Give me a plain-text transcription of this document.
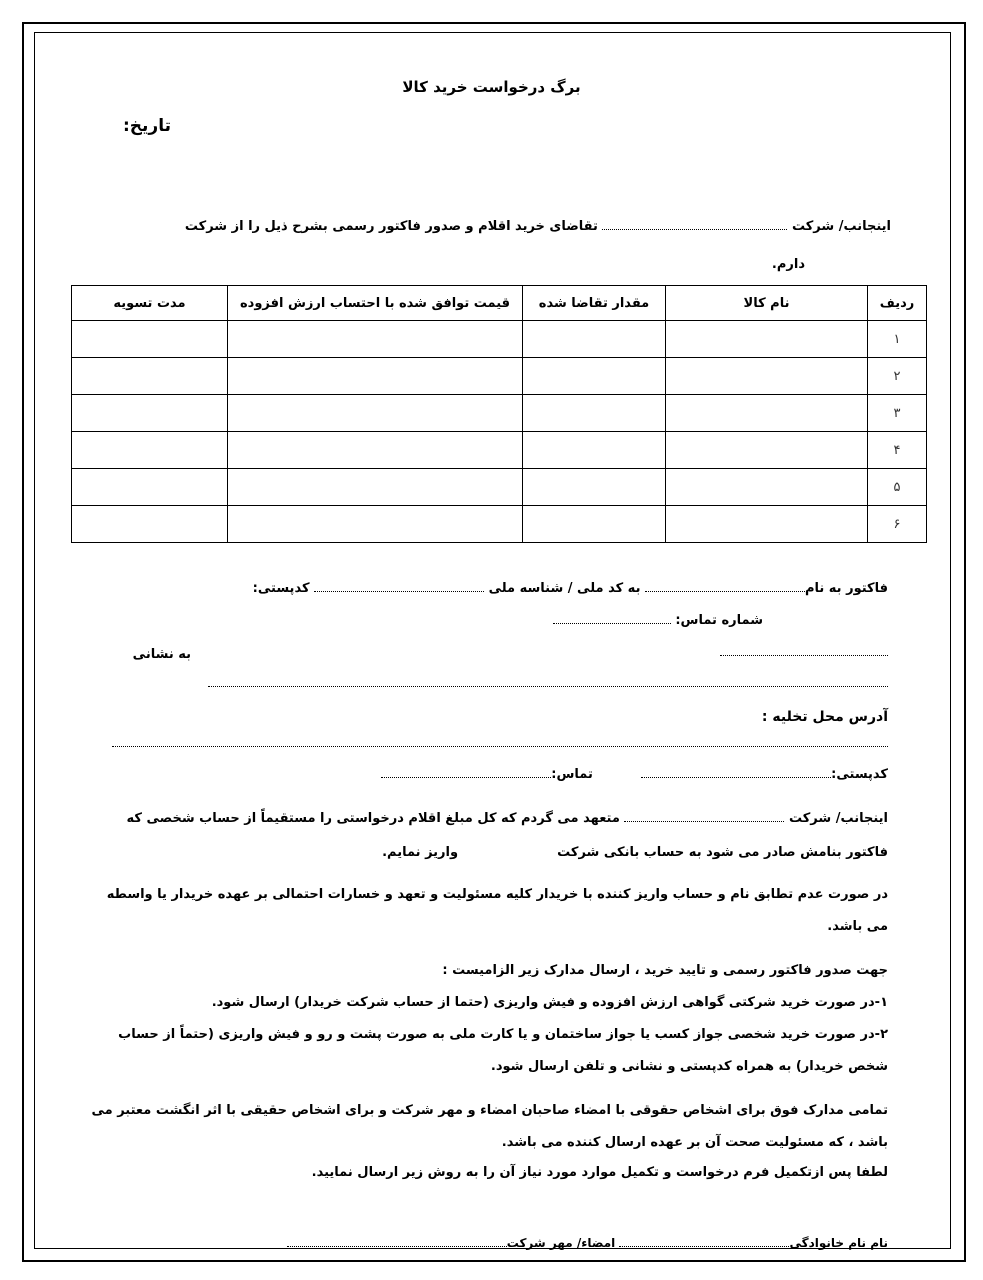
برگ درخواست خرید کالا
تاریخ:
اینجانب/ شرکت  تقاضای خرید اقلام و صدور فاکتور رسمی بشرح ذیل را از شرکت
دارم.
ردیف	نام کالا	مقدار تقاضا شده	قیمت توافق شده با احتساب ارزش افزوده	مدت تسویه
۱				
۲				
۳				
۴				
۵				
۶				
فاکتور به نام به کد ملی / شناسه ملی  کدپستی:
شماره تماس:
به نشانی
آدرس محل تخلیه :
کدپستی:  تماس:
اینجانب/ شرکت  متعهد می گردم که کل مبلغ اقلام درخواستی را مستقیماً از حساب شخصی که
فاکتور بنامش صادر می شود به حساب بانکی شرکت  واریز نمایم.
در صورت عدم تطابق نام و حساب واریز کننده با خریدار کلیه مسئولیت و تعهد و خسارات احتمالی بر عهده خریدار یا واسطه
می باشد.
جهت صدور فاکتور رسمی و تایید خرید ، ارسال مدارک زیر الزامیست :
۱-در صورت خرید شرکتی گواهی ارزش افزوده و فیش واریزی (حتما از حساب شرکت خریدار) ارسال شود.
۲-در صورت خرید شخصی جواز کسب یا جواز ساختمان و یا کارت ملی به صورت پشت و رو و فیش واریزی (حتماً از حساب
شخص خریدار) به همراه کدپستی و نشانی و تلفن ارسال شود.
تمامی مدارک فوق برای اشخاص حقوقی با امضاء صاحبان امضاء و مهر شرکت و برای اشخاص حقیقی با اثر انگشت معتبر می
باشد ، که مسئولیت صحت آن بر عهده ارسال کننده می باشد.
لطفا پس ازتکمیل فرم درخواست و تکمیل موارد مورد نیاز آن را به روش زیر ارسال نمایید.
نام نام خانوادگی امضاء/ مهر شرکت
